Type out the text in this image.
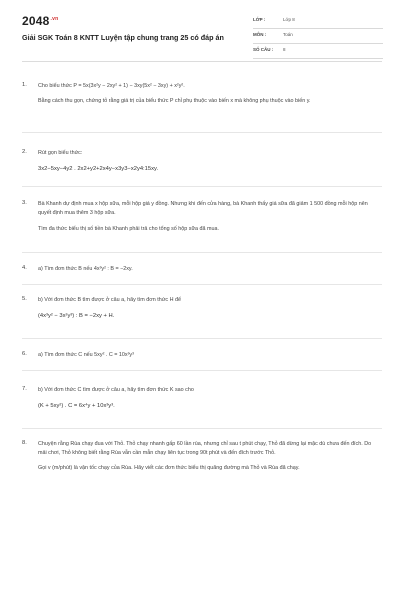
$2048^{.vn}$
Giải SGK Toán 8 KNTT Luyện tập chung trang 25 có đáp án
LỚP :	Lớp 8
MÔN :	Toán
SỐ CÂU : 8
1. Cho biểu thức P = 5x(3x²y − 2xy² + 1) − 3xy(5x² − 3xy) + x²y².

Bằng cách thu gọn, chứng tỏ rằng giá trị của biểu thức P chỉ phụ thuộc vào biến x mà không phụ thuộc vào biến y.

2. Rút gọn biểu thức:

3x2−5xy−4y2 . 2x2+y2+2x4y−x3y3−x2y4:15xy.

3. Bà Khanh dự định mua x hộp sữa, mỗi hộp giá y đồng. Nhưng khi đến cửa hàng, bà Khanh thấy giá sữa đã giảm 1 500 đồng mỗi hộp nên quyết định mua thêm 3 hộp sữa.

Tìm đa thức biểu thị số tiền bà Khanh phải trả cho tổng số hộp sữa đã mua.

4. a) Tìm đơn thức B nếu 4x³y² : B = −2xy.

5. b) Với đơn thức B tìm được ở câu a, hãy tìm đơn thức H để

(4x³y² − 3x²y³) : B = −2xy + H.

6. a) Tìm đơn thức C nếu 5xy² . C = 10x³y³

7. b) Với đơn thức C tìm được ở câu a, hãy tìm đơn thức K sao cho

(K + 5xy²) . C = 6x⁴y + 10x³y³.

8. Chuyện rằng Rùa chạy đua với Thỏ. Thỏ chạy nhanh gấp 60 lần rùa, nhưng chỉ sau t phút chạy, Thỏ đã dừng lại mặc dù chưa đến đích. Do mải chơi, Thỏ không biết rằng Rùa vẫn cần mẫn chạy liên tục trong 90t phút và đến đích trước Thỏ.

Gọi v (m/phút) là vận tốc chạy của Rùa. Hãy viết các đơn thức biểu thị quãng đường mà Thỏ và Rùa đã chạy.
